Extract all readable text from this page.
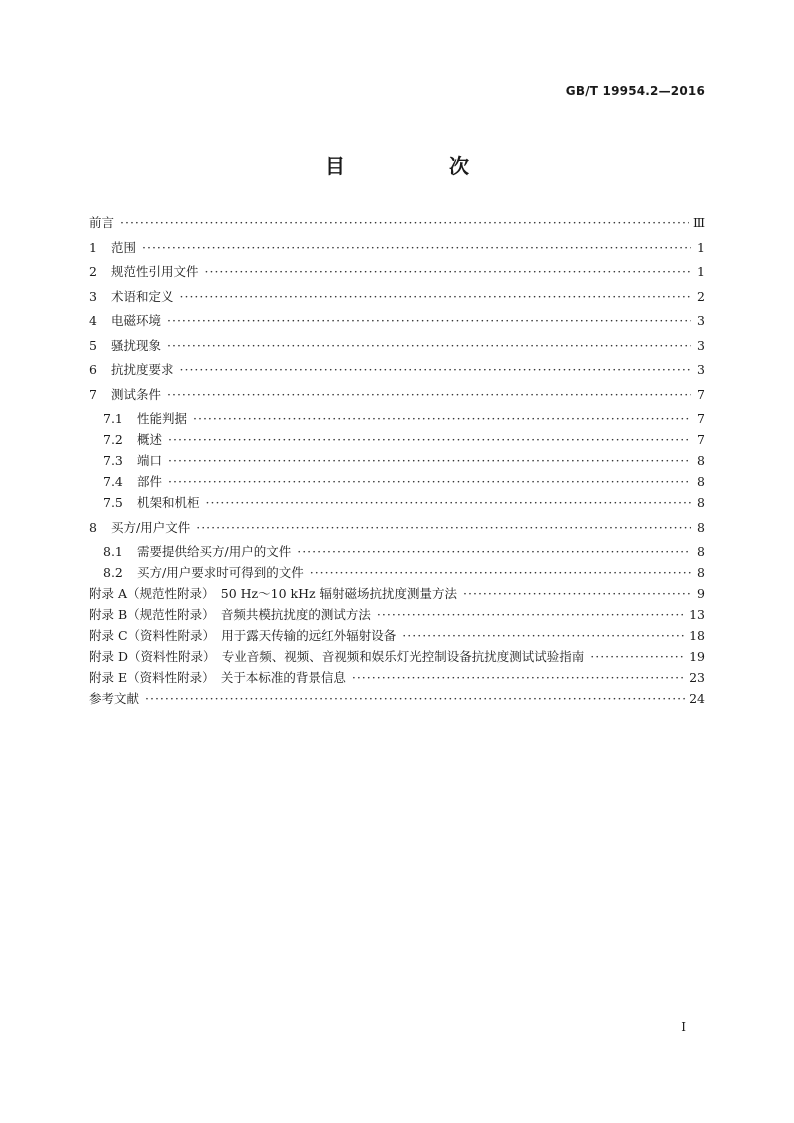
GB/T 19954.2—2016
目　次
前言 ·····	Ⅲ
1	范围 ·····	1
2	规范性引用文件 ·····	1
3	术语和定义 ·····	2
4	电磁环境 ·····	3
5	骚扰现象 ·····	3
6	抗扰度要求 ·····	3
7	测试条件 ·····	7
7.1	性能判据 ·····	7
7.2	概述 ·····	7
7.3	端口 ·····	8
7.4	部件 ·····	8
7.5	机架和机柜 ·····	8
8	买方/用户文件 ·····	8
8.1	需要提供给买方/用户的文件 ·····	8
8.2	买方/用户要求时可得到的文件 ·····	8
附录 A（规范性附录）　50 Hz～10 kHz 辐射磁场抗扰度测量方法 ·····	9
附录 B（规范性附录）　音频共模抗扰度的测试方法 ·····	13
附录 C（资料性附录）　用于露天传输的远红外辐射设备 ·····	18
附录 D（资料性附录）　专业音频、视频、音视频和娱乐灯光控制设备抗扰度测试试验指南 ·····	19
附录 E（资料性附录）　关于本标准的背景信息 ·····	23
参考文献 ·····	24
Ⅰ
